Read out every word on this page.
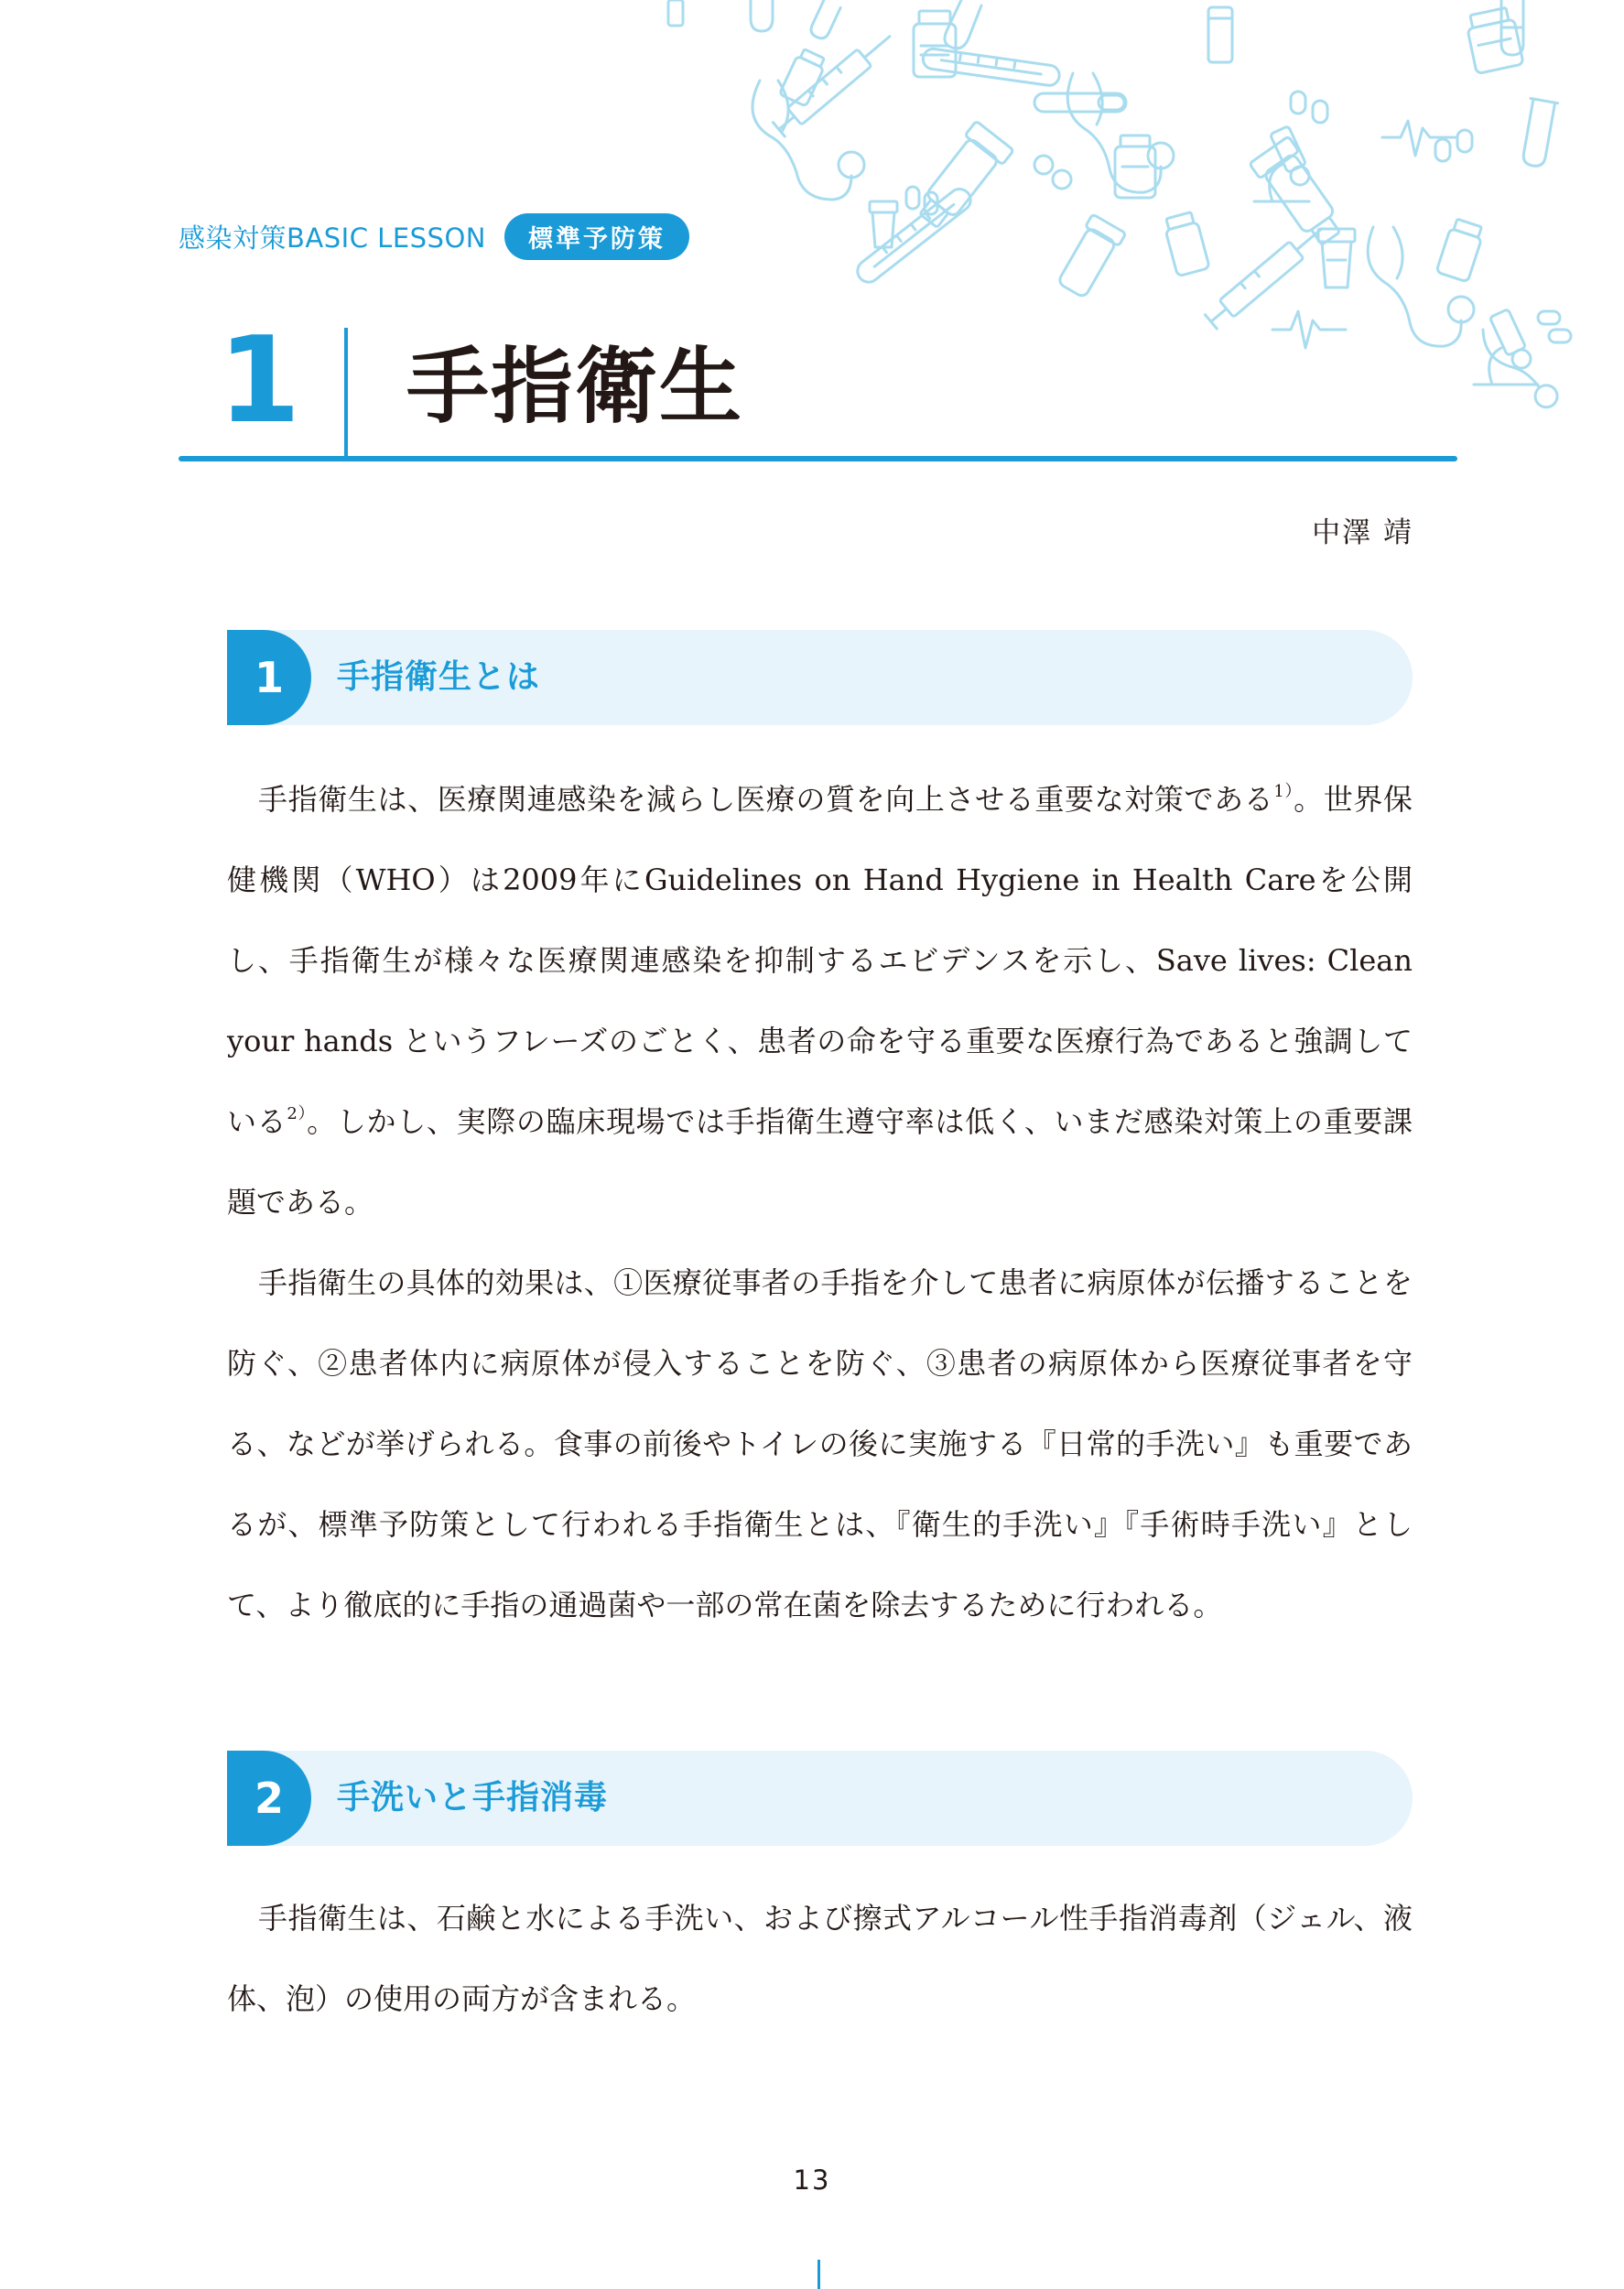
感染対策BASIC LESSON	標準予防策
1 手指衛生
中澤 靖
1	手指衛生とは

手指衛生は、医療関連感染を減らし医療の質を向上させる重要な対策である$^{1)}$。世界保健機関（WHO）は2009年にGuidelines on Hand Hygiene in Health Careを公開し、手指衛生が様々な医療関連感染を抑制するエビデンスを示し、Save lives: Clean your hands というフレーズのごとく、患者の命を守る重要な医療行為であると強調している$^{2)}$。しかし、実際の臨床現場では手指衛生遵守率は低く、いまだ感染対策上の重要課題である。

手指衛生の具体的効果は、①医療従事者の手指を介して患者に病原体が伝播することを防ぐ、②患者体内に病原体が侵入することを防ぐ、③患者の病原体から医療従事者を守る、などが挙げられる。食事の前後やトイレの後に実施する『日常的手洗い』も重要であるが、標準予防策として行われる手指衛生とは、『衛生的手洗い』『手術時手洗い』として、より徹底的に手指の通過菌や一部の常在菌を除去するために行われる。

2	手洗いと手指消毒

手指衛生は、石鹸と水による手洗い、および擦式アルコール性手指消毒剤（ジェル、液体、泡）の使用の両方が含まれる。

13
